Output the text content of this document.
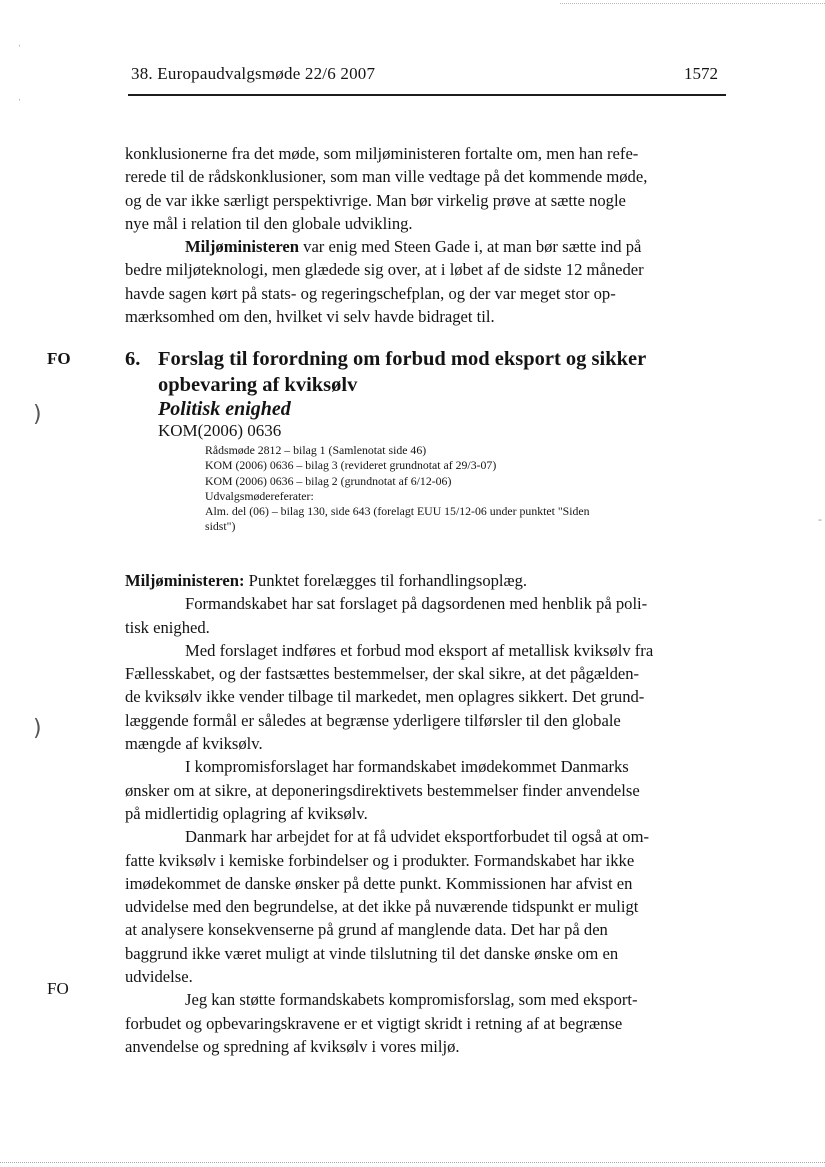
ˌ
ˌ
)
)
-
38. Europaudvalgsmøde 22/6 2007	1572
konklusionerne fra det møde, som miljøministeren fortalte om, men han refe-
rerede til de rådskonklusioner, som man ville vedtage på det kommende møde,
og de var ikke særligt perspektivrige. Man bør virkelig prøve at sætte nogle
nye mål i relation til den globale udvikling.
Miljøministeren var enig med Steen Gade i, at man bør sætte ind på
bedre miljøteknologi, men glædede sig over, at i løbet af de sidste 12 måneder
havde sagen kørt på stats- og regeringschefplan, og der var meget stor op-
mærksomhed om den, hvilket vi selv havde bidraget til.
FO
FO
6. Forslag til forordning om forbud mod eksport og sikker
opbevaring af kviksølv
Politisk enighed
KOM(2006) 0636
Rådsmøde 2812 – bilag 1 (Samlenotat side 46)
KOM (2006) 0636 – bilag 3 (revideret grundnotat af 29/3-07)
KOM (2006) 0636 – bilag 2 (grundnotat af 6/12-06)
Udvalgsmødereferater:
Alm. del (06) – bilag 130, side 643 (forelagt EUU 15/12-06 under punktet "Siden
sidst")
Miljøministeren: Punktet forelægges til forhandlingsoplæg.
Formandskabet har sat forslaget på dagsordenen med henblik på poli-
tisk enighed.
Med forslaget indføres et forbud mod eksport af metallisk kviksølv fra
Fællesskabet, og der fastsættes bestemmelser, der skal sikre, at det pågælden-
de kviksølv ikke vender tilbage til markedet, men oplagres sikkert. Det grund-
læggende formål er således at begrænse yderligere tilførsler til den globale
mængde af kviksølv.
I kompromisforslaget har formandskabet imødekommet Danmarks
ønsker om at sikre, at deponeringsdirektivets bestemmelser finder anvendelse
på midlertidig oplagring af kviksølv.
Danmark har arbejdet for at få udvidet eksportforbudet til også at om-
fatte kviksølv i kemiske forbindelser og i produkter. Formandskabet har ikke
imødekommet de danske ønsker på dette punkt. Kommissionen har afvist en
udvidelse med den begrundelse, at det ikke på nuværende tidspunkt er muligt
at analysere konsekvenserne på grund af manglende data. Det har på den
baggrund ikke været muligt at vinde tilslutning til det danske ønske om en
udvidelse.
Jeg kan støtte formandskabets kompromisforslag, som med eksport-
forbudet og opbevaringskravene er et vigtigt skridt i retning af at begrænse
anvendelse og spredning af kviksølv i vores miljø.
